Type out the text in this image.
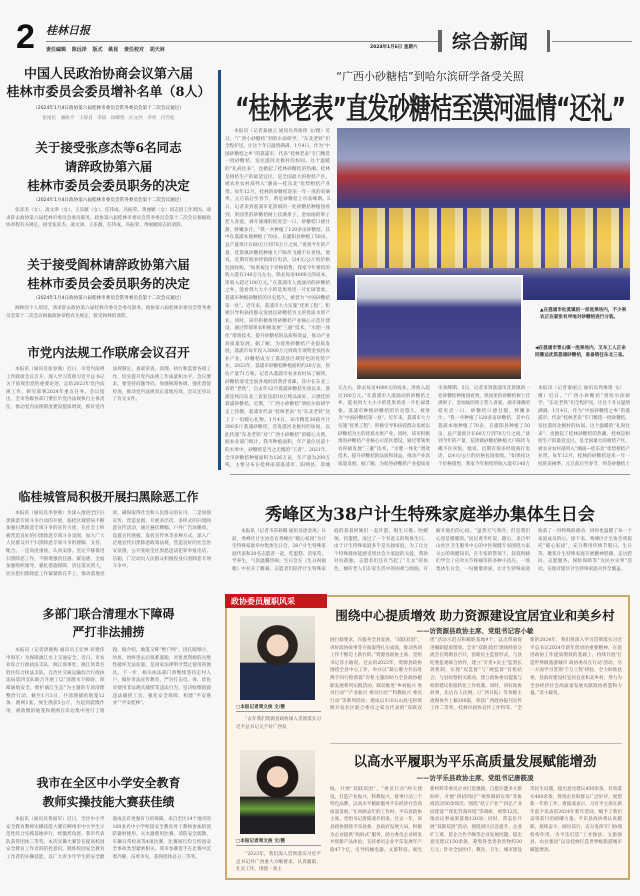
2 桂林日报
责任编辑 陈远岸 版式 姚昆 责任校对 胡天林	2024年1月6日 星期六 综合新闻
中国人民政治协商会议第六届
桂林市委员会委员增补名单（8人）
（2024年1月4日政协第六届桂林市委员会常务委员会第十二次会议通过）
张尾民 潘政平 王保良 李斌 徐卿贤 汪文西 李勇 付雪松
关于接受张彦杰等6名同志
请辞政协第六届
桂林市委员会委员职务的决定
（2024年1月4日政协第六届桂林市委员会常务委员会第十二次会议通过）
张彦杰（女）、凌文津（女）、王乐薇（女）、任伟成、冯振荣、黄丽媚（女）同志因工作原因，请求辞去政协第六届桂林市委员会委员职务。政协第六届桂林市委员会常务委员会第十二次会议根据政协章程有关规定，接受张彦杰、凌文津、王乐薇、任伟成、冯振荣、黄丽媚同志的请辞。
关于接受阎林请辞政协第六届
桂林市委员会委员职务的决定
（2024年1月4日政协第六届桂林市委员会常务委员会第十二次会议通过）
阎林因个人原因，请求辞去政协第六届桂林市委员会委员职务。政协第六届桂林市委员会常务委员会第十二次会议根据政协章程有关规定，接受阎林的请辞。
市党内法规工作联席会议召开
本报讯（通讯员张春燕）近日，市党内法规工作联席会议召开，深入学习贯彻习近平总书记关于依规治党的重要论述，总结2023年党内法规工作，研究部署2024年重点任务。会议指出，全市各级各部门要扛牢党内法规执行主体责任，推动党内法规制度建设提质增效，抓好党内法规制定、备案审查、清理、执行和监督各项工作，切实提升党内法规工作质量和水平。会议要求，要坚持问题导向，加强统筹协调，强化督促检查，推动党内法规真正落地见效。会议还审议了有关文件。
临桂城管局积极开展扫黑除恶工作
本报讯（通讯员李春燕）为深入推进全区扫黑除恶专项斗争行动的开展，临桂区城管局不断加强扫黑除恶专项斗争的宣传力度，在社会上积极营造良好的扫黑除恶专项斗争氛围，加大广大人民群众对于扫黑除恶专项斗争的理解、支持、配合。一是高度重视，认真安排。坚定不移推进扫黑除恶工作，不断增强责任感、紧迫感，全面加强组织领导，强化措施保障，责任落实到人，切实把扫黑除恶工作紧紧抓在手上，推动落地见效，确保取得社会和人民群众的认可。二是加强宣传，营造氛围。开展多层次、多样式的扫黑除恶宣传活动，通过悬挂横幅、户外广告屏播放、设置宣传展板、发放宣传单等多种方式，深入广泛地宣传扫黑除恶政策法规，营造良好的社会治安氛围，公开张贴全区黑恶违法犯罪举报电话、信箱，广泛动员人民群众积极投身扫黑除恶专项斗争中。
多部门联合清理水下障碍
严打非法捕捞
本报讯（记者唐晓梅 通讯员王宏林 蒋建伟 申海军）为保障漓江水上交通安全，近日，市农业综合行政执法支队、漓江海事处、漓江风景名胜区综合执法支队、自治区交通运输综合行政执法局第四支队联合开展了以“清理水下障碍，保障通航安全，维护漓江生态”为主题的专项清理整治行动。截至1月3日，共清理捕鱼地笼12条、渔网1张，放生渔获5公斤，为起到震慑作用，被收缴的地笼和渔网在岸边集中进行了销毁。据介绍，地笼又称“绝户网”，因孔眼细小，幼鱼、幼虾进去后很难逃脱，对鱼类资源的灭绝性破坏无法估量，是国家法律明令禁止使用的渔具。下一步，相关执法部门将继续坚持走村入户，做好普法宣传教育，严厉打击电、毒、炸鱼及使用非法渔具捕捞等违法行为，坚决收缴销毁违法捕捞工具，强化安全保障，构建“平安渔业”“平安桂林”。
我市在全区中小学安全教育
教师实操技能大赛获佳绩
本报讯（通讯员黄福军）近日，全区中小学安全教育教师实操技能大赛在柳州市中小学生示范性综合实践基地举行，经激烈角逐，我市代表队获得团体三等奖。本次实操大赛旨在提高校园安全教育工作者的防控意识，锻炼校园安全教育工作者的实操技能，以广大青少年学生的安全健康成长有更强有力的保障。来自全区14个地市的100多名中小学校园安全教育骨干教师参加的消防器材使用、灭火器使用比赛、消防安全疏散、车辆日常检查等4项比赛，比赛项目均与校园安全事故类型紧密相关。我市参赛选手在比赛中沉着冷静，奋勇争先，获得团体总分三等奖。
“广西小砂糖桔”到哈尔滨研学备受关照
“桂林老表”直发砂糖桔至漠河温情“还礼”
▲在荔浦市杜莫镇的一家洗果场内，不少果农正在紧张有序地对砂糖桔进行分装。
◀在荔浦市青山镇一洗果场内，叉车工人正来回搬运优质荔浦砂糖桔，准备销往东北三省。
本报讯（记者秦丽云 通讯员周俊琦 文/摄）近日，“广西小砂糖桔”到哈尔滨研学，“东北老铁”们全程护送，让这个冬日温情满满。1月4日，作为“中国砂糖桔之乡”的荔浦市，代表“桂林老表”专门精选一批砂糖桔，发往漠河北极村的坊间。这个温暖的“礼尚往来”，也掀起了桂林砂糖桔的热潮。桂林是柑桔生产的最适宜区，是全国最大的柑桔产区，被农业农村部列入“湘南—桂东北”优势柑桔产业带。每年12月，桂林的砂糖桔迎来一年一度的采摘季。元旦前后至春节，则是砂糖桔上市高峰期。5日，记者来到荔浦市花篢镇的一处砂糖桔种植园看到，果园里的砂糖桔树上挂满果子，金灿灿的果子惹人喜爱。剥开薄薄的桔皮尝一口，砂糖桔口感甘甜，鲜嫩多汁。“我一共种植了120多亩砂糖桔，其中在荔浦本地种植了70亩，在灌阳县种植了50亩，总产量预计在60万斤到70万斤之间。”谈到今年的产量，花篢镇砂糖桔种植大户陈传飞掩不住喜悦。他说，近期有很多经销商打电话，以4元/公斤的价格包园收购。“如果按这个价格销售，我家今年柑桔的收入能有140万元左右，除去每亩4000元的成本，净收入超过100万元。”在荔浦市人流涌动的砂糖桔之乡，能看到大大小小的选果场里一片忙碌景象。荔浦市种植砂糖桔的历史悠久，被誉为“中国砂糖桔第一县”。近年来，荔浦市大力实施“优果工程”，积极引导和扶持群众发展以砂糖桔为主的优质水果产业。同时，该市积极推进砂糖桔产业核心示范区建设，通过带领果农积极发展“三避”技术，“水肥一体化”增效技术，提升砂糖桔的品质和效益，推动产业高质量发展。据了解，为促进砂糖桔产业提质发展，荔浦市每年投入3000万元财政专项资金扶持农业产业，砂糖桔成为了荔浦县区域特色的优势产业。2023年，荔浦市砂糖桔种植面积约20万亩，预估产量71万吨。记者从荔浦市农业农村局了解到，砂糖桔深受全国各地的消费者青睐，其中在东北三省的“老铁”，自去年12月荔浦砂糖桔开园以来，荔浦连续向东北三省发送超10万吨品质好、口感佳的荔浦砂糖桔。近期，“广西小砂糖桔”到哈尔滨研学走上热搜，荔浦市代表“桂林老表”为“东北老铁”送上了一份暖心礼物。1月4日，该市精选30箱共计300多斤荔浦砂糖桔，首发漠河北极村的坊间，以此传递“东北老铁”对“广西小砂糖桔”的暖心关照。据农业部门统计，我市种植面积、年产量位居前十的水果中，砂糖桔是当之无愧的“王者”。2021年，全市砂糖桔种植面积为126万亩，年产量为299万吨，主要分布在桂林南部荔浦市、阳朔县、恭城
本报讯（记者秦丽云 通讯员周俊琦 文/摄）近日，“广西小砂糖桔”到哈尔滨研学，“东北老铁”们全程护送，让这个冬日温情满满。1月4日，作为“中国砂糖桔之乡”的荔浦市，代表“桂林老表”专门精选一批砂糖桔，发往漠河北极村的坊间。这个温暖的“礼尚往来”，也掀起了桂林砂糖桔的热潮。桂林是柑桔生产的最适宜区，是全国最大的柑桔产区，被农业农村部列入“湘南—桂东北”优势柑桔产业带。每年12月，桂林的砂糖桔迎来一年一度的采摘季。元旦前后至春节，则是砂糖桔上市高峰期。5日，记者来到荔浦市花篢镇的一处砂糖桔种植园看到，果园里的砂糖桔树上挂满果子，金灿灿的果子惹人喜爱。剥开薄薄的桔皮尝一口，砂糖桔口感甘甜，鲜嫩多汁。“我一共种植了120多亩砂糖桔，其中在荔浦本地种植了70亩，在灌阳县种植了50亩，总产量预计在60万斤到70万斤之间。”谈到今年的产量，花篢镇砂糖桔种植大户陈传飞掩不住喜悦。他说，近期有很多经销商打电话，以4元/公斤的价格包园收购。“如果按这个价格销售，我家今年柑桔的收入能有140万元左右，除去每亩4000元的成本，净收入超过100万元。”在荔浦市人流涌动的砂糖桔之乡，能看到大大小小的选果场里一片忙碌景象。荔浦市种植砂糖桔的历史悠久，被誉为“中国砂糖桔第一县”。近年来，荔浦市大力实施“优果工程”，积极引导和扶持群众发展以砂糖桔为主的优质水果产业。同时，该市积极推进砂糖桔产业核心示范区建设，通过带领果农积极发展“三避”技术，“水肥一体化”增效技术，提升砂糖桔的品质和效益，推动产业高质量发展。据了解，为促进砂糖桔产业提质发
秀峰区为38户计生特殊家庭举办集体生日会
本报讯（记者韦莎莉娜 通讯员唐金凤）日前，秀峰区计生协会在秀峰区“暖心家园”为计生特殊家庭举办集体生日会，38户计生特殊家庭代表和20名志愿者一起，吃蛋糕、话家常、学养生，气氛温馨热闹。生日会在《生日祝福歌》中拉开了帷幕，志愿者们陪伴计生特殊家庭的叔叔阿姨们一起许愿、唱生日歌、吹蜡烛、切蛋糕，度过了一个有意义的集体生日。由于计生特殊家庭多半是失独家庭，为了让这个特殊群体能感受到社会大家庭的关爱，帮助对抗孤独，志愿者们还有当起了“儿女”的角色，倾听老人们在家生活中的困难与烦恼，开解开他们的心结。“虽然天气寒冷，但是我们心里是暖暖的。”居民黄华红说。随后，来自甲山社区卫生服务中心的中医保健专家围绕大家关心的保健知识，在专家的带领下，叔叔阿姨们学会了应对关节疼痛等的多种小技巧。一场集体生日会，一份健康讲座，让计生特殊家庭收获了一份特殊的感动，同时也温暖了每一个家庭成员的心。接下来，秀峰区计生协会将依托“暖心家园”，充分利用传统节假日、生日等，聚焦计生特殊家庭开展精神慰藉、走访慰问、志愿服务、保险保障等“为民办实事”活动，实现对辖区计生特殊家庭关怀全覆盖。
政协委员履职风采
□本报记者周文俊 文/摄
“去年我们资源县政协深入贯彻落实习近平总书记关于对广西发
围绕中心提质增效 助力资源建设宜居宜业和美乡村
——访资源县政协主席、党组书记容小敏
展行稳要求，在服务全县发展、“双联双团”、讲好政协故事等方面取得扎实成效，推动各项工作不断迈上新台阶。”资源县政协主席、党组书记容小敏说。过去的2023年，资源县政协围绕全县中心工作，举办以“凝心聚力共奋进 携手同行绘新篇”有机主题的助力全县政协履职发展系列实践活动，联动推进“乡村振兴 委员行动”“产业振兴 委员行动”“科教振兴 委员行动”等系列活动；建成以车田石山底屯和资源开发社区联合委员之家为代表的“双联双团”活动示范点和履职基地9个，以点带面促进履职提质增效。全市“双联双团”现场经验交流会在资源县召开，创新民主监督形式，与县纪委监委联合协作，建立“专责+民主”监督长效机制，实现“双监督”与“硬监督”有机结合；与县检察机关联动，建立政协委员提案与检察建议衔接转化工作机制。同时，讲好政协故事，先后在人民网、《广西日报》等各级主流媒体共上稿200篇，荣获广西政协报刊宣传工作二等奖、桂林市政协宣传工作特等。“全新的2024年，我们将深入学习贯彻落实习近平总书记2024年新年贺词的重要精神，在促进政协工作提质增效的基础上，持续开展‘打造世界级旅游城市 政协委员在行动’活动，另一方面学习贯彻‘千万工程’经验，全力助推县委、县政府建设好宜居宜业和美乡村，努力为全县经济社会高质量发展贡献政协智慧和力量。”容小敏说。
□本报记者周文俊 文/摄
“2023年，我们深入贯彻落实习近平总书记对广西重大方略要求，认真履职，扎实工作，围绕一条主
以高水平履职为平乐高质量发展赋能增劲
——访平乐县政协主席、党组书记唐筱凌
线，开展“双联双团”、“委员行动”两大建设，打造产业振兴、科教振兴、督事行动三个特色品牌，以高水平履职服务平乐经济社会高质量发展。”在回顾去年的工作时，平乐县政协主席、党组书记唐筱凌介绍说。过去一年，该县政协围绕平乐县委、县政府发展大局，积极为企业提供“妈妈式”服务，助力委员企业研发并创新产品体验，支持委员企业平乐发展年产值47个亿，引导机械电器、文旅科技、观光新材料等委员企业打造强链，自愿应邀多元新标杆，开展“四招四问”“视察调研在场”等协商活动50余场次；围绕“桔子产业”“四亿产业园建设”“优化营商环境”等调研，视察12次，推动议事成果落地120项；同时，常态化开展“双联双团”活动，围绕原区应急提升、企业扩工难、留企合作不畅等企业发展问题，提出意见建议150余条，筹集各类善款善物约30万元；针对全县医疗、教育、卫生、城市建设等民生问题，提出意见建议450余条，有效落实400余条，得到企业和群众广泛好评。展望新一年的工作，唐筱凌表示，习近平主席在新年前夕发表的2024年新年贺词，赋予了我们奋勇前行的磅礴力量。平乐县政协将认真履职，接续奋斗，踔厉前行，充分发挥专门协商机构作用，为平乐打造“工业强县、文旅强县、农业强县”以及桂林打造世界级旅游城市赋能增劲。
